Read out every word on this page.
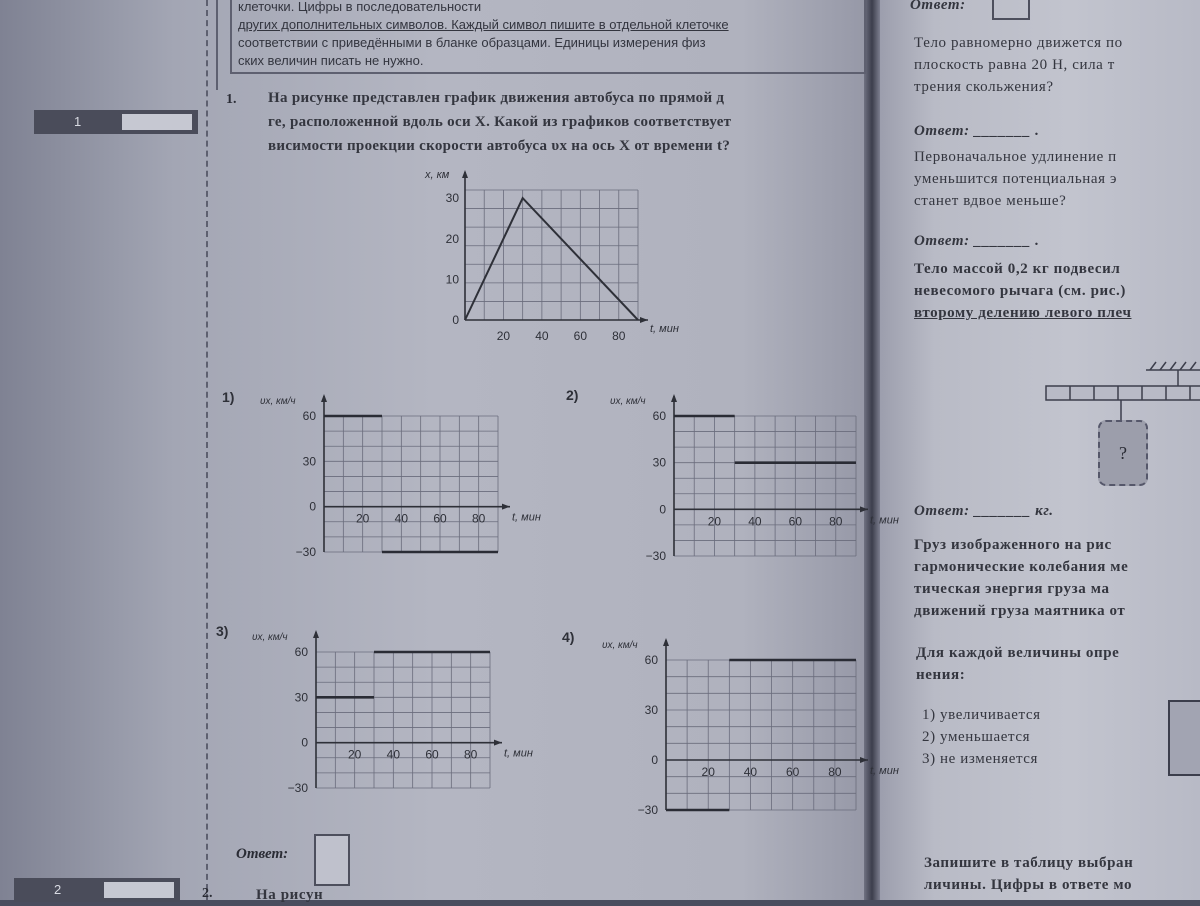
1
2
клеточки. Цифры в последовательности
других дополнительных символов. Каждый символ пишите в отдельной клеточке
соответствии с приведёнными в бланке образцами. Единицы измерения физ
ских величин писать не нужно.
1. На рисунке представлен график движения автобуса по прямой д
ге, расположенной вдоль оси X. Какой из графиков соответствует
висимости проекции скорости автобуса υx на ось X от времени t?
20 40 60 80
0
10
20
30
t, мин
x, км
1)
20 40 60 80
60
30
0
−30
t, мин
υx, км/ч	2)
20 40 60 80
60
30
0
−30
t, мин
υx, км/ч
3)
20 40 60 80
60
30
0
−30
t, мин
υx, км/ч	4)
20 40 60 80
60
30
0
−30
t, мин
υx, км/ч
Ответ:
2.	На рисун
Ответ:
Тело равномерно движется по
плоскость равна 20 Н, сила т
трения скольжения?
Ответ: _______ .
Первоначальное удлинение п
уменьшится потенциальная э
станет вдвое меньше?
Ответ: _______ .
Тело массой 0,2 кг подвесил
невесомого рычага (см. рис.)
второму делению левого плеч
?
Ответ: _______ кг.
Груз изображенного на рис
гармонические колебания ме
тическая энергия груза ма
движений груза маятника от
Для каждой величины опре
нения:
1) увеличивается
2) уменьшается
3) не изменяется
Запишите в таблицу выбран
личины. Цифры в ответе мо
